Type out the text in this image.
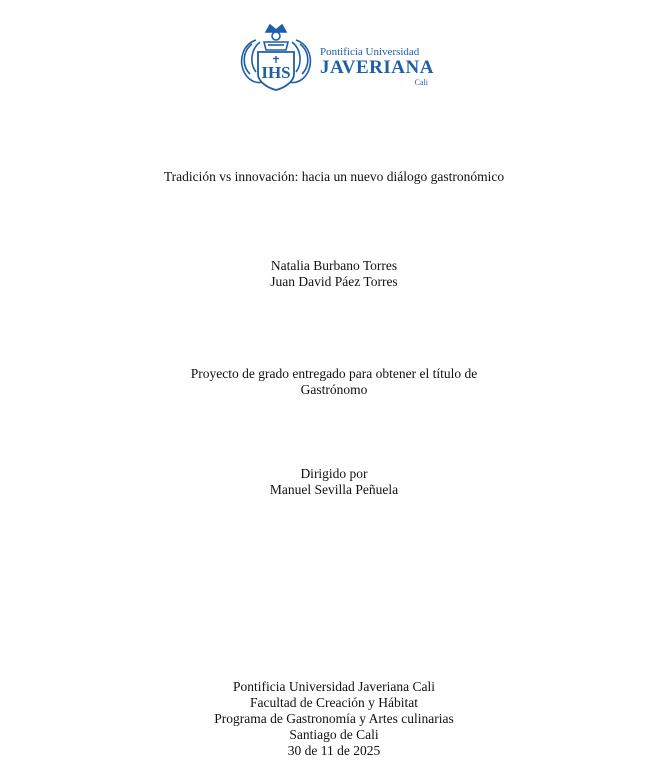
IHS
Pontificia Universidad
JAVERIANA
Cali
Tradición vs innovación: hacia un nuevo diálogo gastronómico
Natalia Burbano Torres
Juan David Páez Torres
Proyecto de grado entregado para obtener el título de
Gastrónomo
Dirigido por
Manuel Sevilla Peñuela
Pontificia Universidad Javeriana Cali
Facultad de Creación y Hábitat
Programa de Gastronomía y Artes culinarias
Santiago de Cali
30 de 11 de 2025
